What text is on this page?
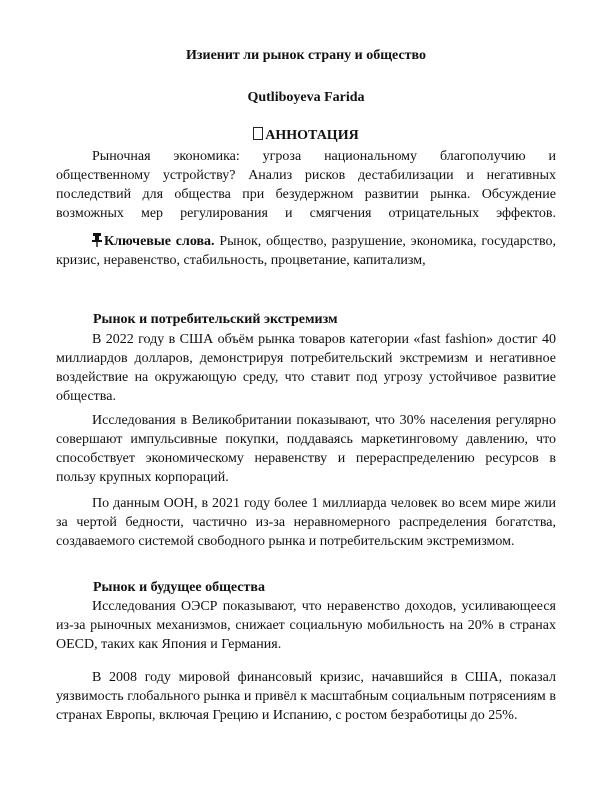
Изиенит ли рынок страну и общество
Qutliboyeva Farida
АННОТАЦИЯ

Рыночная экономика: угроза национальному благополучию и общественному устройству? Анализ рисков дестабилизации и негативных последствий для общества при безудержном развитии рынка. Обсуждение возможных мер регулирования и смягчения отрицательных эффектов.

Ключевые слова. Рынок, общество, разрушение, экономика, государство, кризис, неравенство, стабильность, процветание, капитализм,

Рынок и потребительский экстремизм

В 2022 году в США объём рынка товаров категории «fast fashion» достиг 40 миллиардов долларов, демонстрируя потребительский экстремизм и негативное воздействие на окружающую среду, что ставит под угрозу устойчивое развитие общества.

Исследования в Великобритании показывают, что 30% населения регулярно совершают импульсивные покупки, поддаваясь маркетинговому давлению, что способствует экономическому неравенству и перераспределению ресурсов в пользу крупных корпораций.

По данным ООН, в 2021 году более 1 миллиарда человек во всем мире жили за чертой бедности, частично из-за неравномерного распределения богатства, создаваемого системой свободного рынка и потребительским экстремизмом.

Рынок и будущее общества

Исследования ОЭСР показывают, что неравенство доходов, усиливающееся из-за рыночных механизмов, снижает социальную мобильность на 20% в странах OECD, таких как Япония и Германия.

В 2008 году мировой финансовый кризис, начавшийся в США, показал уязвимость глобального рынка и привёл к масштабным социальным потрясениям в странах Европы, включая Грецию и Испанию, с ростом безработицы до 25%.
